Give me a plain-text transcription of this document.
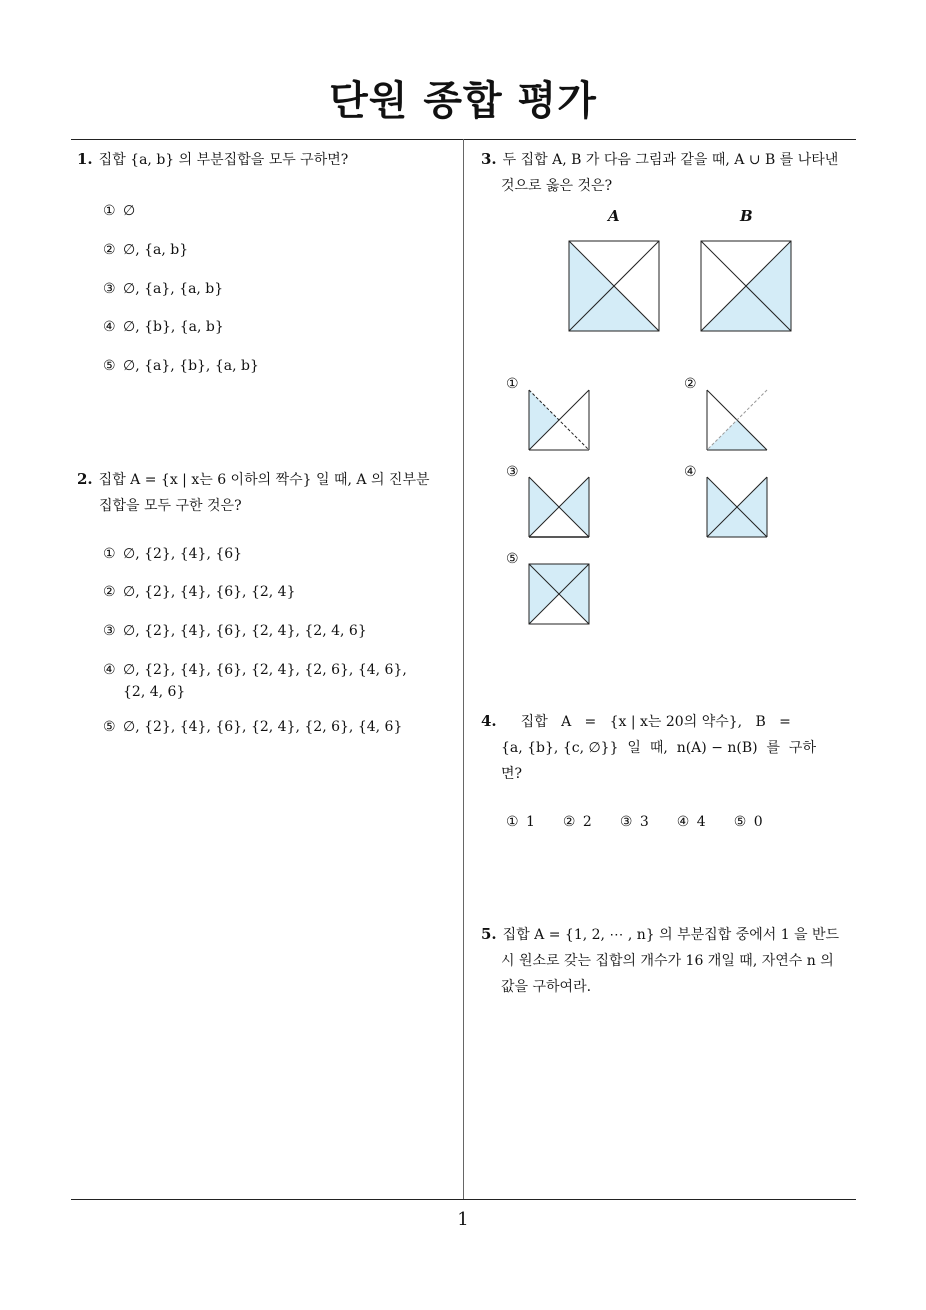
단원 종합 평가
1. 집합 {a, b} 의 부분집합을 모두 구하면?
① ∅
② ∅, {a, b}
③ ∅, {a}, {a, b}
④ ∅, {b}, {a, b}
⑤ ∅, {a}, {b}, {a, b}
2. 집합 A = {x | x는 6 이하의 짝수} 일 때, A 의 진부분
집합을 모두 구한 것은?
① ∅, {2}, {4}, {6}
② ∅, {2}, {4}, {6}, {2, 4}
③ ∅, {2}, {4}, {6}, {2, 4}, {2, 4, 6}
④ ∅, {2}, {4}, {6}, {2, 4}, {2, 6}, {4, 6},
{2, 4, 6}
⑤ ∅, {2}, {4}, {6}, {2, 4}, {2, 6}, {4, 6}
3. 두 집합 A, B 가 다음 그림과 같을 때, A ∪ B 를 나타낸
것으로 옳은 것은?
A	B
①	②
③	④
⑤
4. 집합   A   =   {x | x는 20의 약수},   B   =
{a, {b}, {c, ∅}}  일  때,  n(A) − n(B)  를  구하
면?
① 1 ② 2 ③ 3 ④ 4 ⑤ 0
5. 집합 A = {1, 2, ⋯ , n} 의 부분집합 중에서 1 을 반드
시 원소로 갖는 집합의 개수가 16 개일 때, 자연수 n 의
값을 구하여라.
1
